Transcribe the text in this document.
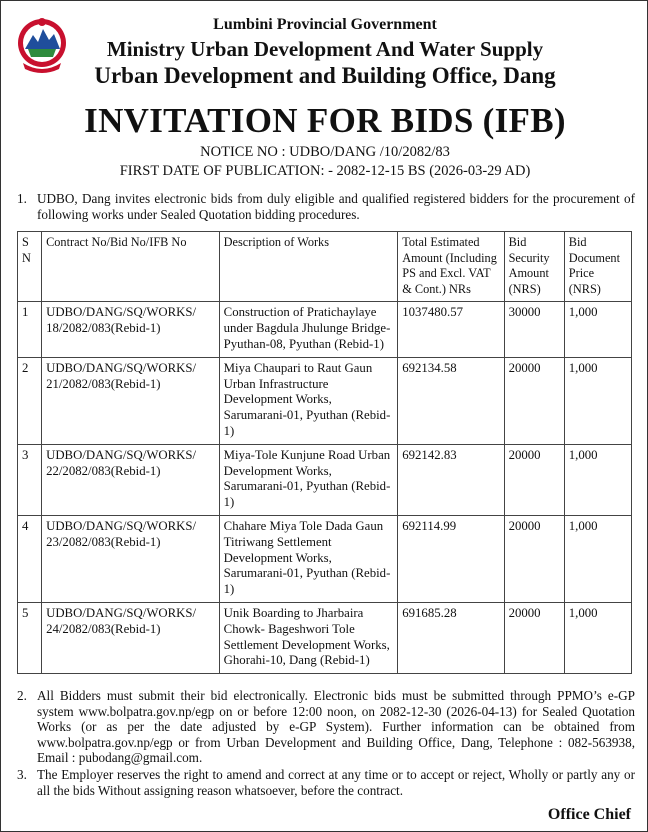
Lumbini Provincial Government
Ministry Urban Development And Water Supply
Urban Development and Building Office, Dang
INVITATION FOR BIDS (IFB)
NOTICE NO : UDBO/DANG /10/2082/83
FIRST DATE OF PUBLICATION: - 2082-12-15 BS (2026-03-29 AD)
1. UDBO, Dang invites electronic bids from duly eligible and qualified registered bidders for the procurement of following works under Sealed Quotation bidding procedures.
S N	Contract No/Bid No/IFB No	Description of Works	Total Estimated Amount (Including PS and Excl. VAT & Cont.) NRs	Bid Security Amount (NRS)	Bid Document Price (NRS)
1	UDBO/DANG/SQ/WORKS/ 18/2082/083(Rebid-1)	Construction of Pratichaylaye under Bagdula Jhulunge Bridge-Pyuthan-08, Pyuthan (Rebid-1)	1037480.57	30000	1,000
2	UDBO/DANG/SQ/WORKS/ 21/2082/083(Rebid-1)	Miya Chaupari to Raut Gaun Urban Infrastructure Development Works, Sarumarani-01, Pyuthan (Rebid-1)	692134.58	20000	1,000
3	UDBO/DANG/SQ/WORKS/ 22/2082/083(Rebid-1)	Miya-Tole Kunjune Road Urban Development Works, Sarumarani-01, Pyuthan (Rebid-1)	692142.83	20000	1,000
4	UDBO/DANG/SQ/WORKS/ 23/2082/083(Rebid-1)	Chahare Miya Tole Dada Gaun Titriwang Settlement Development Works, Sarumarani-01, Pyuthan (Rebid-1)	692114.99	20000	1,000
5	UDBO/DANG/SQ/WORKS/ 24/2082/083(Rebid-1)	Unik Boarding to Jharbaira Chowk- Bageshwori Tole Settlement Development Works, Ghorahi-10, Dang (Rebid-1)	691685.28	20000	1,000
2. All Bidders must submit their bid electronically. Electronic bids must be submitted through PPMO’s e-GP system www.bolpatra.gov.np/egp on or before 12:00 noon, on 2082-12-30 (2026-04-13) for Sealed Quotation Works (or as per the date adjusted by e-GP System). Further information can be obtained from www.bolpatra.gov.np/egp or from Urban Development and Building Office, Dang, Telephone : 082-563938, Email : pubodang@gmail.com.
3. The Employer reserves the right to amend and correct at any time or to accept or reject, Wholly or partly any or all the bids Without assigning reason whatsoever, before the contract.
Office Chief
